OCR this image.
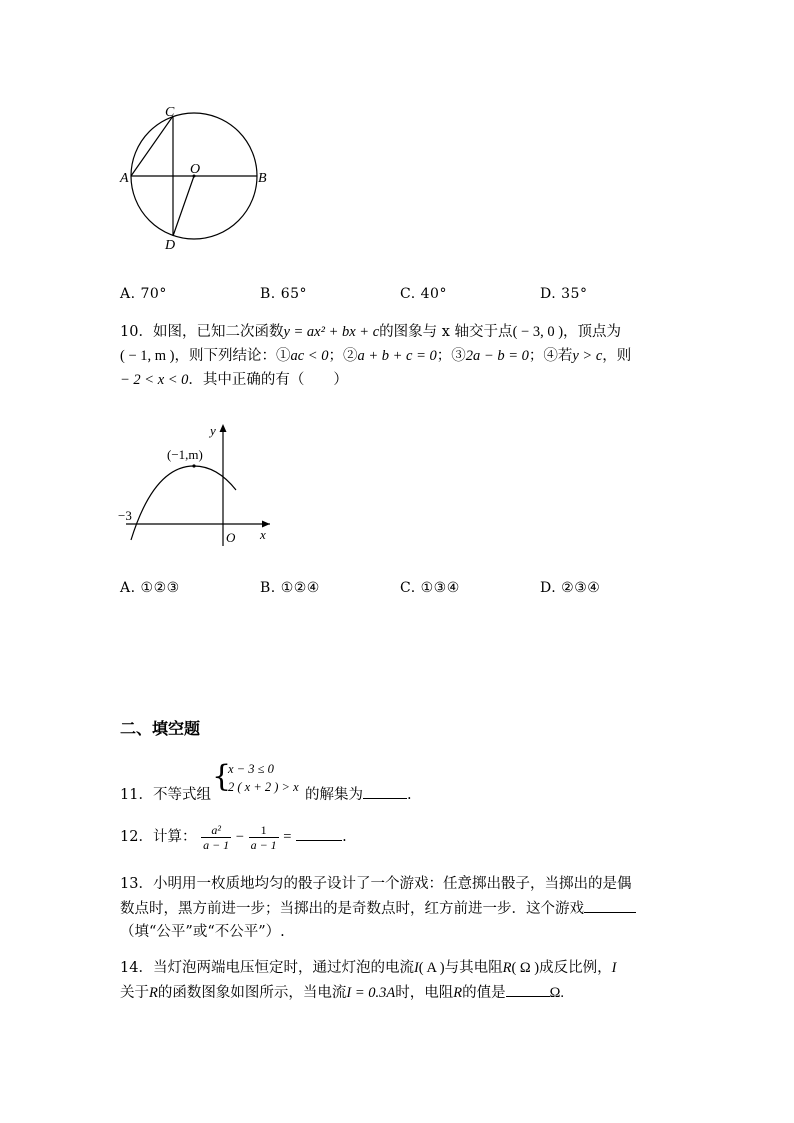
C
A	B
O
D
A. 70°	B. 65°	C. 40°	D. 35°
10．如图，已知二次函数y = ax² + bx + c的图象与 x 轴交于点( − 3, 0 )，顶点为
( − 1, m )，则下列结论：①ac < 0；②a + b + c = 0；③2a − b = 0；④若y > c，则
− 2 < x < 0．其中正确的有（　　）
y
x
O
(−1,m)
−3
A. ①②③	B. ①②④	C. ①③④	D. ②③④
二、填空题
{
x − 3 ≤ 0
2 ( x + 2 ) > x
11．不等式组	的解集为	.
12．计算： $\frac{\text{a²}}{a - 1} - \frac{1}{a - 1}$ =	.
13．小明用一枚质地均匀的骰子设计了一个游戏：任意掷出骰子，当掷出的是偶
数点时，黑方前进一步；当掷出的是奇数点时，红方前进一步．这个游戏
（填“公平”或“不公平”）.
14．当灯泡两端电压恒定时，通过灯泡的电流I( A )与其电阻R( Ω )成反比例，I
关于R的函数图象如图所示，当电流I = 0.3A时，电阻R的值是	Ω.
